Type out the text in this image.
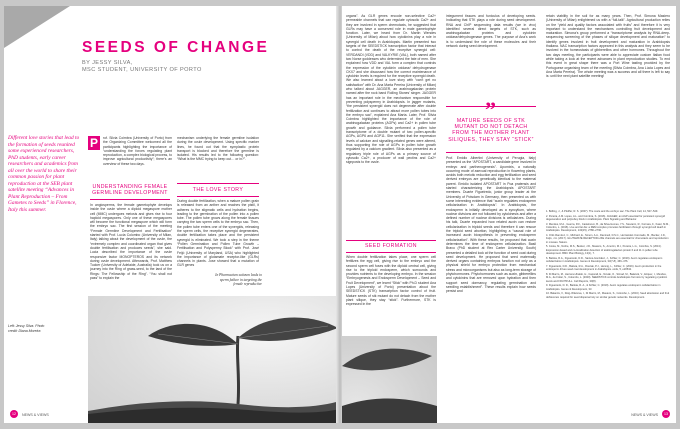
SEEDS OF CHANGE
BY JESSY SILVA,
MSC STUDENT, UNIVERSITY OF PORTO
Different love stories that lead to the formation of seeds reunited some experienced researchers, PhD students, early career researchers and academics from all over the world to share their common passion for plant reproduction at the SEB plant satellite meeting “Advances in Plant Reproduction – From Gametes to Seeds” in Florence, Italy this summer.
P	rof. Silvia Coimbra (University of Porto) from the Organizing Committee welcomed all the participants highlighting the importance of “understanding the forces regulating plant reproduction, a complex biological process, to improve agricultural productivity”; there’s an overview of these two days.
UNDERSTANDING FEMALE GERMLINE DEVELOPMENT
In angiosperms, the female gametophyte develops inside the ovule where a diploid megaspore mother cell (MMC) undergoes meiosis and gives rise to four haploid megaspores. Only one of these megaspores will become the functional megaspore which will form the embryo sac. The first session of the meeting “Female Germline Development and Fertilisation” started with Prof. Lucia Colombo (University of Milan, Italy) talking about the development of the ovule, the “extremely complex and coordinated organ that gives double fertilisation and produces seeds”, she said. Lucia described the importance of the ovule responsive factor MONOPTEROS and its network during ovule development. Afterwards, Prof. Matthew Tucker (University of Adelaide, Australia) took us on a journey into the Ring of grass-seed, to the land of the Rings: The Fellowship of the Ring”. “You shall not pass” to explain the
mechanism underlying the female germline isolation during the ovule development. Using specific marker lines, he found out that the symplastic protein transport is blocked and therefore the germline is isolated. His results led to the following question: “What is the MMC trying to keep out… or in?”.
THE LOVE STORY
During double fertilization, when a mature pollen grain is released from an anther and reaches the pistil, it adheres to the stigmatic cells and hydration begins, leading to the germination of the pollen into a pollen tube. The pollen tube grows along the female tissues carrying the two sperm cells to the embryo sac. Then, the pollen tube enters one of the synergids, releasing the sperm cells, the receptive synergid degenerates, double fertilization takes place and the persistent synergid is eliminated. We took a step in the theme “Pollen Germination and Pollen Tube Growth – Fertilisation and Polyspermy Block” with Prof. José Feijó (University of Maryland, USA) who highlighted the importance of glutamate receptor-like (GLRs) channels in plants. Jose showed that a mutation of GLR genes
In Pharmacium sativum leads to sperm failure in targeting the female reproductive
Left: Jessy Silva. Photo credit: Diana Moreira
12	NEWS & VIEWS
organs”. As GLR genes encode non-selective Ca2+ permeable channels that can regulate cytosolic Ca2+ and they are involved in sperm chemotaxis, he suggested that GLRs may have a conserved role in male gametophyte function. Later, we heard from Dr. Martin Wendes (University of Milan) about how cytokinins play a role in synergid cell death in Arabidopsis. Martin presented two targets of the SEEDSTICK transcription factor that interact to control the death of the receptive synergid cell: VERDANDI (VDD) and VALKYRIE (VAL), both named after two Norse goddesses who determined the fate of men. She explained how VDD and VAL form a complex that controls the expression of the cytokinin oxidase/ dehydrogenase CKX7 and she discussed how the correct maintenance of cytokinin levels is required for the receptive synergid death. We also learned about a love story with “can’t get no satisfaction” with Dr. Ana Marta Pereira (University of Milan) who talked about JAGGER, an arabinogalactan protein named after the rock band Rolling Stones’ singer. JAGGER has an important role in the mechanism responsible for preventing polyspermy in Arabidopsis. In jagger mutants, “the persistent synergid does not degenerate after double fertilization and continues to attract more pollen tubes into the embryo sac”, explained Ana Marta. Later, Prof. Silvia Coimbra highlighted the importance of the role of arabinogalactan proteins (AGPs) and Ca2+ in pollen tube growth and guidance. Silvia performed a pollen tube transcriptome of a double mutant of two pollen-specific AGPs, AGP6 and AGP11. She verified that the expression levels of calcium and signalling-related genes were altered, thus supporting the role of AGPs in pollen tube growth regulated by a calcium gradient. Silvia also presented as a regulatory triple role of AGPs as a primary source of cytosolic Ca2+, a producer of wall pectins and Ca2+ signposts to the ovule.
SEED FORMATION
When double fertilization takes place, one sperm cell fertilizes the egg cell, giving rise to the embryo and the second sperm cell fuses with the diploid central cell, giving rise to the triploid endosperm, which surrounds and provides nutrients to the developing embryo. In the session “Embryogenesis and Endosperm Development – Seed and Fruit Development”, we learnt “Stick” with Ph.D student Ana Lopes (University of Porto) presentation about the SEEDSTICK (STK) transcription factor control of fruit. Mature seeds of stk mutant do not detach from the mother plant silique, they stay “stick”. Furthermore, STK is expressed in the
integument tissues and funiculus of developing seeds. Indicating that STK plays a role during seed development. RNA and ChIP sequencing data results (we in vivo) identified several direct targets of STK, such as arabinogalactan proteins and cytokinin oxidase/dehydrogenase genes. The purpose of Ana’s work is to understand the role of these molecules and their network during seed development.
MATURE SEEDS OF STK MUTANT DO NOT DETACH FROM THE MOTHER PLANT SILIQUES, THEY STAY “STICK”
”
Prof. Emidio Albertini (University of Perugia, Italy) presented us the “APOSTART, a candidate gene involved in embryo and parthenogenesis”. Apomixis, a naturally occurring mode of asexual reproduction in flowering plants, avoids both meiotic reduction and egg fertilization and seed derived embryos are genetically identical to the maternal parent. Emidio isolated APOSTART in Poa pratensis and started characterizing the Arabidopsis APOSTART members. Duarte Figueiredo, junior group leader at the University of Potsdam in Germany, then presented us with some interesting evidence that “auxin regulates endosperm cellularization in Arabidopsis”. In Arabidopsis, the endosperm is initially developed as a syncytium, where nuclear divisions are not followed by cytokinesis and after a defined number of nuclear divisions is cellularizes. During his talk, Duarte expanded how related auxin can restore cellularization in triploid seeds and therefore it can rescue the triploid seed abortion, highlighting a “causal role of increased auxin biosynthesis in preventing endosperm cellularization”. With these results, he proposed that auxin determines the time of endosperm cellularization. Basil Bravo (PhD student at Rex Carter University, South) presented a detailed look at the function of seed coat during seed development. He proposed that seed maternally derived organs containing embryos function not only as a physical shield for embryo protection from mechanical stress and microorganisms but also as long-term storage of phytohormones. Phytohormones such as auxin, gibberellins and cytokinins that are removed upon hydration and then support seed dormancy, regulating germination and seedling establishment”. These results explain how seeds persist and
retain viability in the soil for as many years. Then, Prof. Simona Masiero (University of Milan) enlightened us with a “full-talk”. Agricultural production relies on the “yield and quality factors associated with fruits” and therefore it is very important to understand the mechanisms controlling fruit development and maturation. Simona’s group performed a “transcriptome analysis by RNA-deep-sequencing screening of the phases of silique development and maturation” to identify genes involved in fruit development and maturation in Arabidopsis thaliana. NAC transcription factors appeared in this analysis and they seem to be involved in the homeostasis of gibberellins and other hormones. Throughout the two days meeting, the participants were able to appreciate custom Italian food while taking a look at the recent advances in plant reproduction studies. To end this event in great shape there was a Port Wine tasting provided by the Portuguese organising team of the meeting (Silvia Coimbra, Ana Lúcia Lopes and Ana Marta Pereira). The whole meeting was a success and all there is left to say is: until the next plant satellite meeting!
1. Bolling, J., & Pfeiffer, R. S. (2007). The ovule and the embryo sac. The Plant Cell, 14, 527–549.
2. Pereira, A.M. Lopes, A.L. and Coimbra, S. (2016). JAGGER, an AGP essential for persistent synergid degeneration and polytubey block in Arabidopsis. Plant Signaling and Behavior.
3. Mendes, M.A., Guerra, R.F., Castelnovo, B., da Silva-Gomes, Y.S., Stevanin, R., Fornara, F., Kater, M.M., Colombo, L. (2016). Live and let die: a REM complex promotes fertilization through synergid cell death in Arabidopsis. Development, 143(15), 2780–2790.
4. Ortiz-Ramírez, C., Michard, E., Simon, A.A., Damineli, D.S.C., Hernández-Coronado, M., Becker, J.D., Feijó, J.A. (2017). GLUTAMATE RECEPTOR-LIKE channels are essential for chemotaxis and reproduction in mosses. Nature.
5. Costa, M., Nobre, M.S., Becker, J.D., Masiero, S., Amorim, M.I., Pereira, L.G., Coimbra, S. (2013). Expression-based and co-localization detection of arabinogalactan protein 6 and 11 in pollen tube development. BMC Plant Biology, 13(1), 7.
6. Batista, R.A., Figueiredo, D.D., Santos-González, J., Köhler, C. (2019). Auxin regulates endosperm cellularization in Arabidopsis. Genes & Development, 33(7-8), 466–476.
7. Figueiredo, D.D., Batista, R.A., Roszak, P.J., Hennig, L., Köhler, C. (2016). Auxin production in the endosperm drives seed coat development in Arabidopsis. eLife, 5, e20542.
8. Di Marzo, M., Herrera-Ubaldo, H., Caporali, E., Novák, O., Strnad, M., Balanzà, V., Ezquer, I., Mendes, M.A., de Folter, S., Colombo, L. (2020). SEEDSTICK controls Arabidopsis fruit size by regulating cytokinin levels and FRUITFULL. Cell Reports, 30(8).
9. Figueiredo, D. D., Batista, R. A., & Köhler, C. (2019). Auxin regulates endosperm cellularization in Arabidopsis. Genes & Development, 33.
10. Balanzà, V., Roig-Villanova, I., Di Marzo, M., Masiero, S., Colombo, L. (2016). Seed abscission and fruit dehiscence required for seed dispersal rely on similar genetic networks. Development.
NEWS & VIEWS	13
